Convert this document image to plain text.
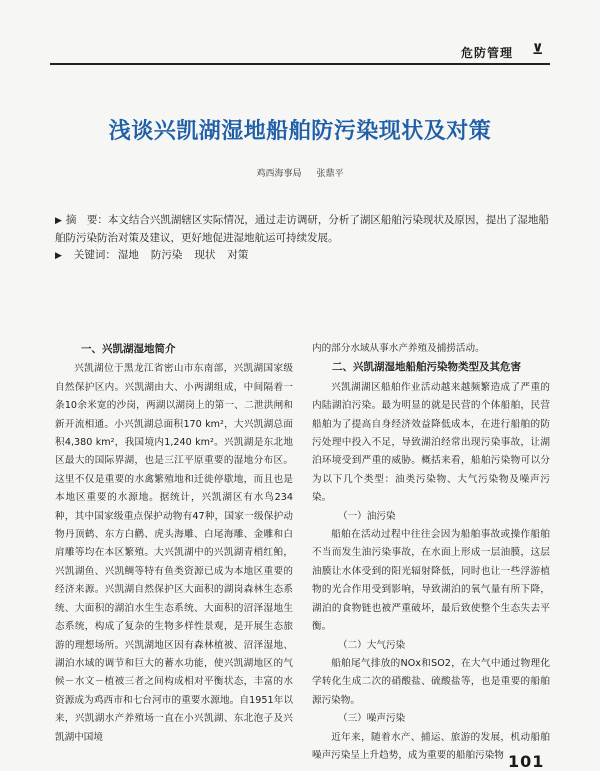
危防管理 ⊻
浅谈兴凯湖湿地船舶防污染现状及对策
鸡西海事局 张鼎平

▶ 摘　要：本文结合兴凯湖辖区实际情况，通过走访调研，分析了湖区船舶污染现状及原因，提出了湿地船舶防污染防治对策及建议，更好地促进湿地航运可持续发展。

▶ 关键词： 湿地 防污染 现状 对策

一、兴凯湖湿地简介

兴凯湖位于黑龙江省密山市东南部，兴凯湖国家级自然保护区内。兴凯湖由大、小两湖组成，中间隔着一条10余米宽的沙岗，两湖以湖岗上的第一、二泄洪闸和新开流相通。小兴凯湖总面积170 km²，大兴凯湖总面积4,380 km²，我国境内1,240 km²。兴凯湖是东北地区最大的国际界湖，也是三江平原重要的湿地分布区。这里不仅是重要的水禽繁殖地和迁徙停歇地，而且也是本地区重要的水源地。据统计，兴凯湖区有水鸟234种，其中国家级重点保护动物有47种，国家一级保护动物丹顶鹤、东方白鹳、虎头海雕、白尾海雕、金雕和白肩雕等均在本区繁殖。大兴凯湖中的兴凯湖青梢红鲌，兴凯湖鱼、兴凯鲷等特有鱼类资源已成为本地区重要的经济来源。兴凯湖自然保护区大面积的湖岗森林生态系统、大面积的湖泊水生生态系统、大面积的沼泽湿地生态系统，构成了复杂的生物多样性景观，是开展生态旅游的理想场所。兴凯湖地区因有森林植被、沼泽湿地、湖泊水域的调节和巨大的蓄水功能，使兴凯湖地区的气候－水文－植被三者之间构成相对平衡状态，丰富的水资源成为鸡西市和七台河市的重要水源地。自1951年以来，兴凯湖水产养殖场一直在小兴凯湖、东北泡子及兴凯湖中国境

内的部分水域从事水产养殖及捕捞活动。

二、兴凯湖湿地船舶污染物类型及其危害

兴凯湖湖区船舶作业活动越来越频繁造成了严重的内陆湖泊污染。最为明显的就是民营的个体船舶，民营船舶为了提高自身经济效益降低成本，在进行船舶的防污处理中投入不足，导致湖泊经常出现污染事故，让湖泊环境受到严重的威胁。概括来看，船舶污染物可以分为以下几个类型：油类污染物、大气污染物及噪声污染。

（一）油污染

船舶在活动过程中往往会因为船舶事故或操作船舶不当而发生油污染事故，在水面上形成一层油膜，这层油膜让水体受到的阳光辐射降低，同时也让一些浮游植物的光合作用受到影响，导致湖泊的氧气量有所下降，湖泊的食物链也被严重破坏，最后致使整个生态失去平衡。

（二）大气污染

船舶尾气排放的NOx和SO2，在大气中通过物理化学转化生成二次的硝酸盐、硫酸盐等，也是重要的船舶源污染物。

（三）噪声污染

近年来，随着水产、捕运、旅游的发展，机动船舶噪声污染呈上升趋势，成为重要的船舶污染物 101
